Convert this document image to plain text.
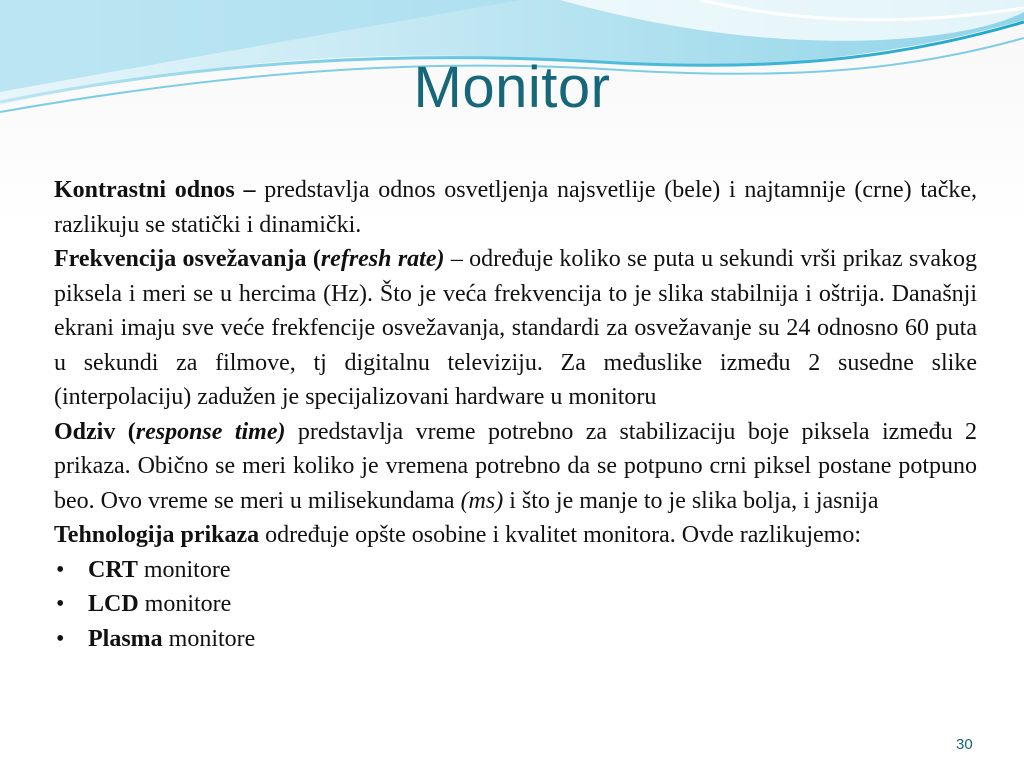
Monitor

Kontrastni odnos – predstavlja odnos osvetljenja najsvetlije (bele) i najtamnije (crne) tačke, razlikuju se statički i dinamički.

Frekvencija osvežavanja (refresh rate) – određuje koliko se puta u sekundi vrši prikaz svakog piksela i meri se u hercima (Hz). Što je veća frekvencija to je slika stabilnija i oštrija. Današnji ekrani imaju sve veće frekfencije osvežavanja, standardi za osvežavanje su 24 odnosno 60 puta u sekundi za filmove, tj digitalnu televiziju. Za međuslike između 2 susedne slike (interpolaciju) zadužen je specijalizovani hardware u monitoru

Odziv (response time) predstavlja vreme potrebno za stabilizaciju boje piksela između 2 prikaza. Obično se meri koliko je vremena potrebno da se potpuno crni piksel postane potpuno beo. Ovo vreme se meri u milisekundama (ms) i što je manje to je slika bolja, i jasnija

Tehnologija prikaza određuje opšte osobine i kvalitet monitora. Ovde razlikujemo:

• CRT monitore
• LCD monitore
• Plasma monitore
30
